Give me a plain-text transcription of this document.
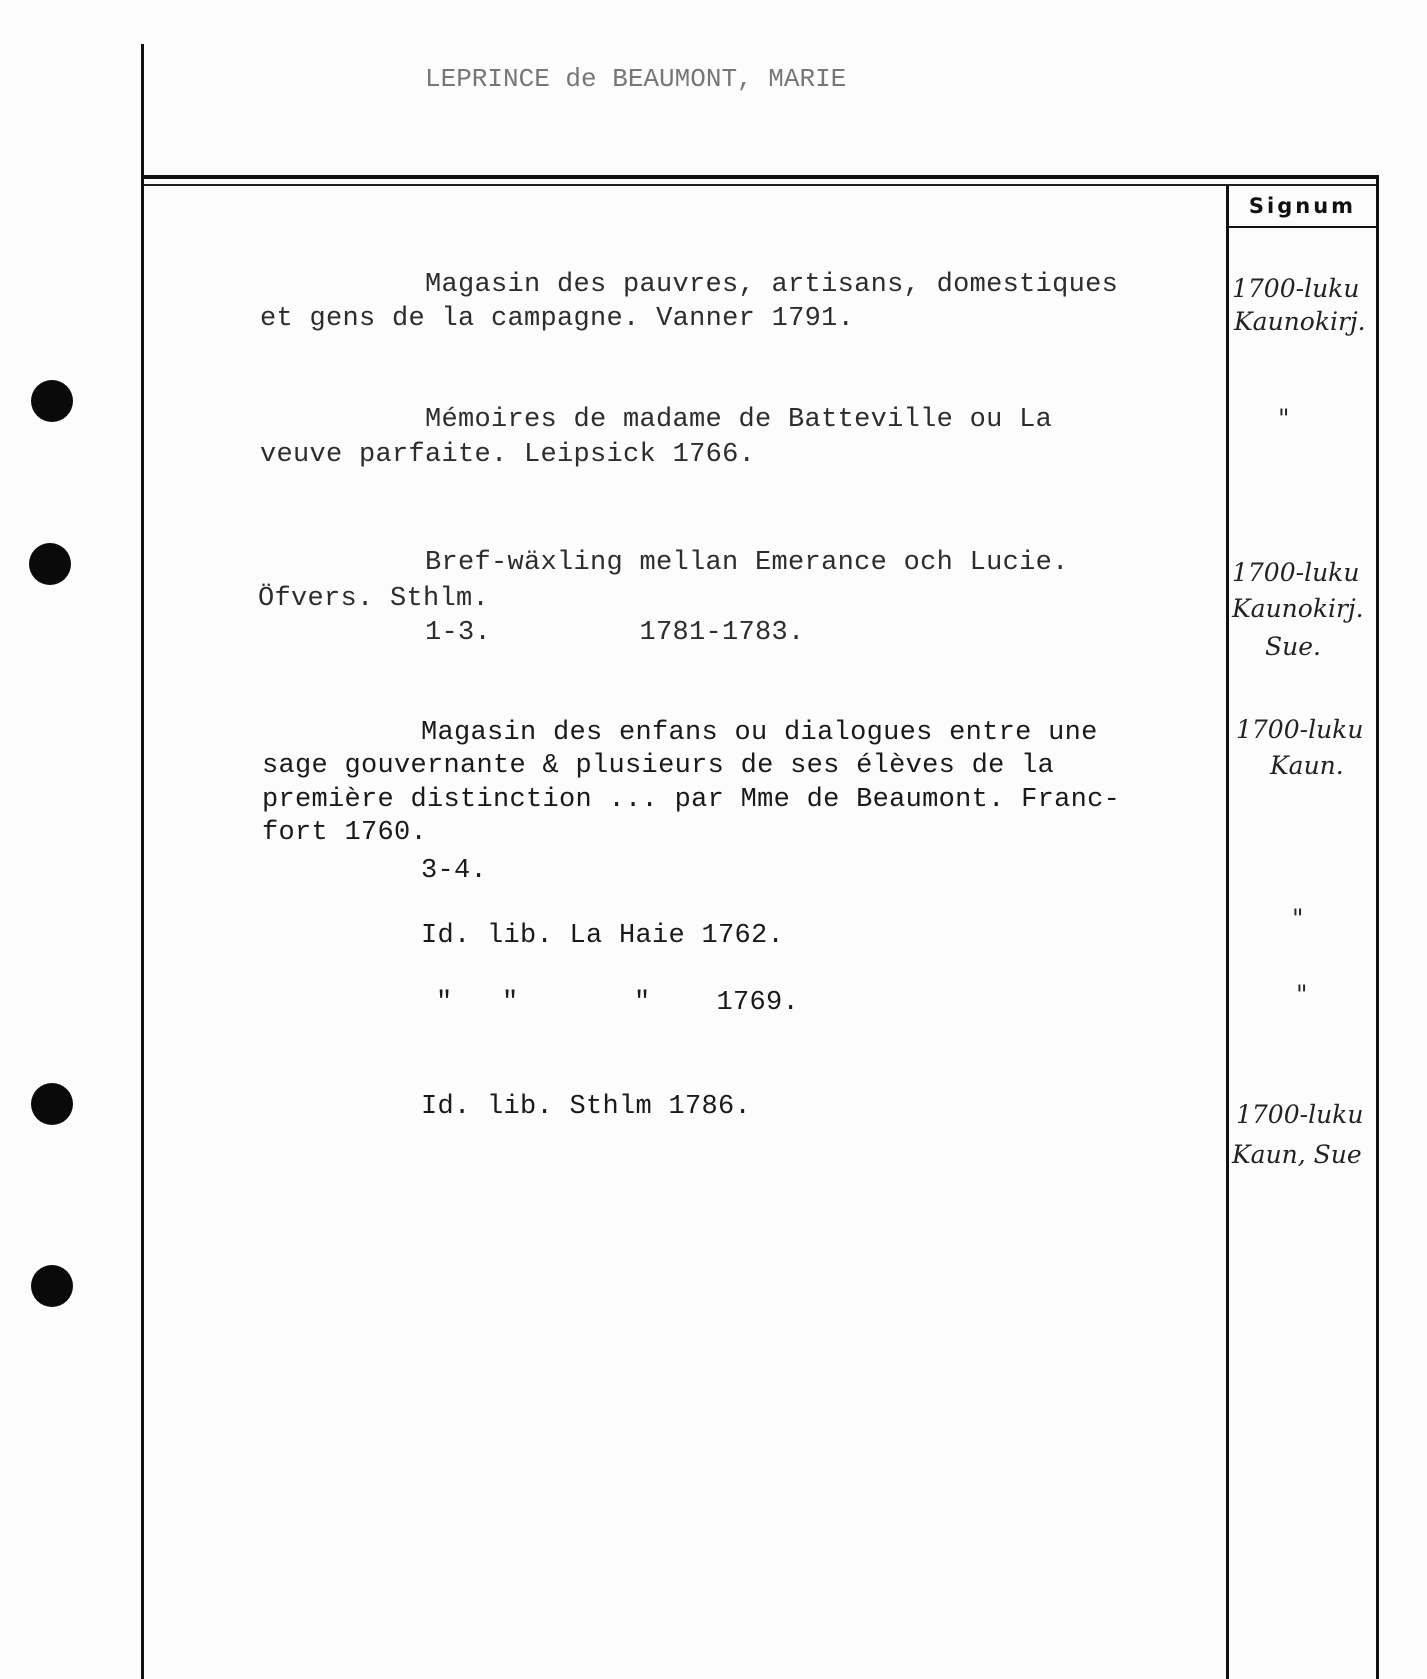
LEPRINCE de BEAUMONT, MARIE
Signum
Magasin des pauvres, artisans, domestiques
et gens de la campagne. Vanner 1791.
1700-luku
Kaunokirj.
Mémoires de madame de Batteville ou La
veuve parfaite. Leipsick 1766.
"
Bref-wäxling mellan Emerance och Lucie.
Öfvers. Sthlm.
1-3.         1781-1783.
1700-luku
Kaunokirj.
Sue.
Magasin des enfans ou dialogues entre une
sage gouvernante & plusieurs de ses élèves de la
première distinction ... par Mme de Beaumont. Franc-
fort 1760.
3-4.
1700-luku
Kaun.
Id. lib. La Haie 1762.
"
"   "       "    1769.	"
Id. lib. Sthlm 1786.	1700-luku
Kaun, Sue
